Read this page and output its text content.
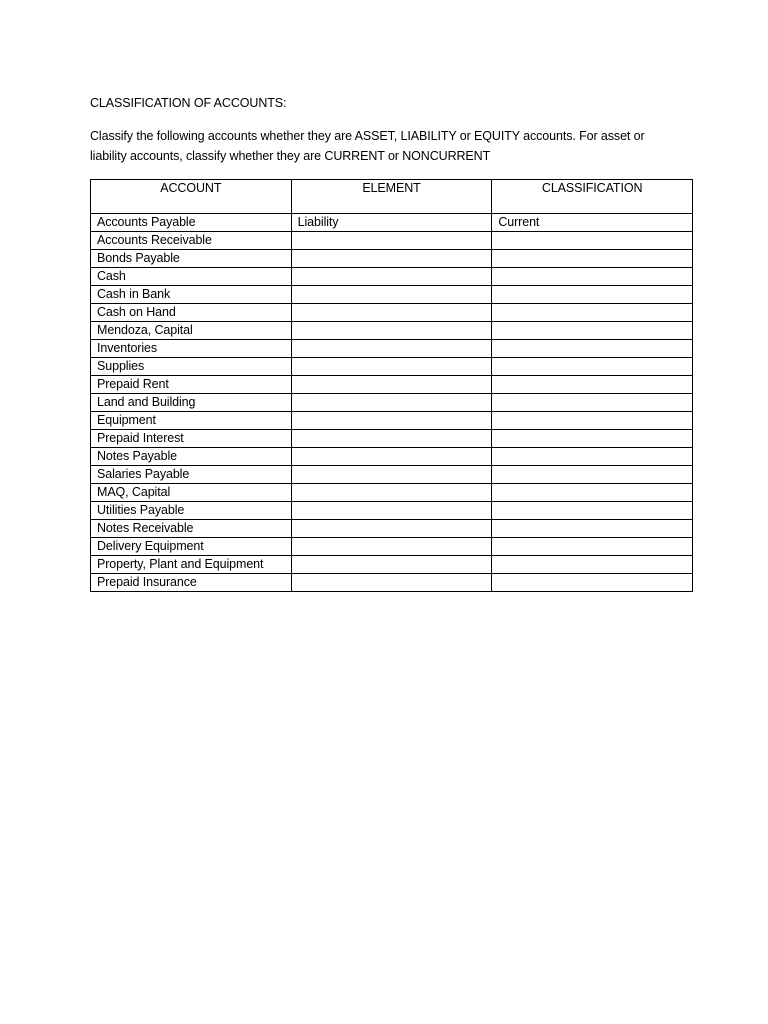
CLASSIFICATION OF ACCOUNTS:
Classify the following accounts whether they are ASSET, LIABILITY or EQUITY accounts. For asset or liability accounts, classify whether they are CURRENT or NONCURRENT
ACCOUNT	ELEMENT	CLASSIFICATION
Accounts Payable	Liability	Current
Accounts Receivable		
Bonds Payable		
Cash		
Cash in Bank		
Cash on Hand		
Mendoza, Capital		
Inventories		
Supplies		
Prepaid Rent		
Land and Building		
Equipment		
Prepaid Interest		
Notes Payable		
Salaries Payable		
MAQ, Capital		
Utilities Payable		
Notes Receivable		
Delivery Equipment		
Property, Plant and Equipment		
Prepaid Insurance		
